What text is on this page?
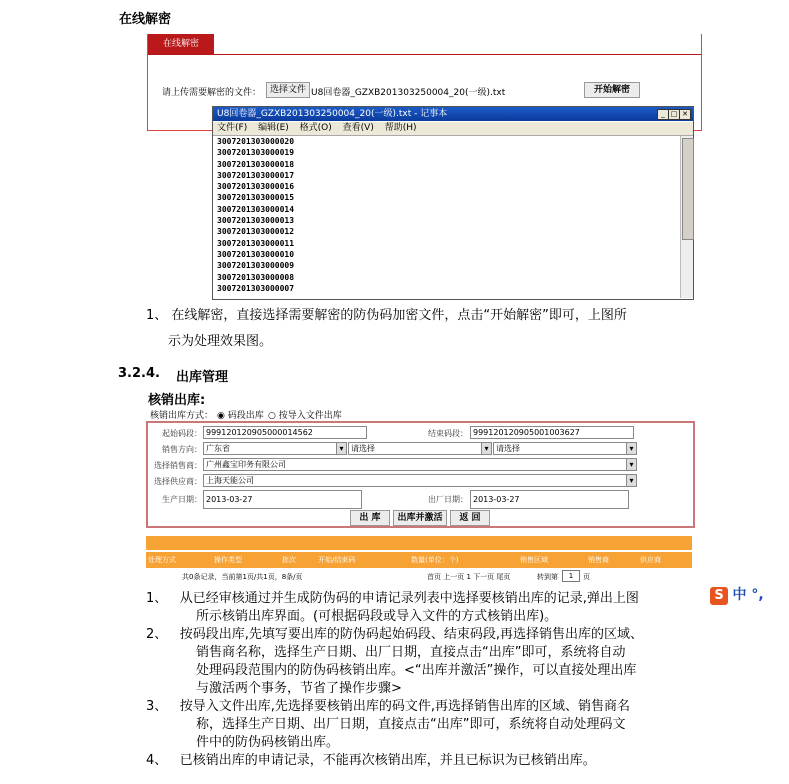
在线解密
在线解密
请上传需要解密的文件： 选择文件 U8回卷器_GZXB201303250004_20(一级).txt	开始解密
U8回卷器_GZXB201303250004_20(一级).txt - 记事本	_ □ ✕
文件(F) 编辑(E) 格式(O) 查看(V) 帮助(H)
3007201303000020
3007201303000019
3007201303000018
3007201303000017
3007201303000016
3007201303000015
3007201303000014
3007201303000013
3007201303000012
3007201303000011
3007201303000010
3007201303000009
3007201303000008
3007201303000007
1、 在线解密，直接选择需要解密的防伪码加密文件，点击“开始解密”即可，上图所
示为处理效果图。
3.2.4. 出库管理
核销出库:
核销出库方式： ◉ 码段出库 ○ 按导入文件出库
起始码段： 99912012090500001456​2	结束码段： 999120120905001003627
销售方向： 广东省 ▾	请选择 ▾	请选择 ▾
选择销售商： 广州鑫宝印务有限公司 ▾
选择供应商： 上海天能公司 ▾
生产日期： 2013-03-27	出厂日期： 2013-03-27
出 库	出库并激活	返 回
处理方式	操作类型	批次	开始/结束码	数量(单位：个)	销售区域	销售商	供应商
共0条记录，当前第1页/共1页，8条/页	首页 上一页 1 下一页 尾页	转到第	1	页
S 中 °,
1、 从已经审核通过并生成防伪码的申请记录列表中选择要核销出库的记录,弹出上图
所示核销出库界面。(可根据码段或导入文件的方式核销出库)。
2、 按码段出库,先填写要出库的防伪码起始码段、结束码段,再选择销售出库的区域、
销售商名称，选择生产日期、出厂日期，直接点击“出库”即可，系统将自动
处理码段范围内的防伪码核销出库。<“出库并激活”操作，可以直接处理出库
与激活两个事务，节省了操作步骤>
3、 按导入文件出库,先选择要核销出库的码文件,再选择销售出库的区域、销售商名
称，选择生产日期、出厂日期，直接点击“出库”即可，系统将自动处理码文
件中的防伪码核销出库。
4、 已核销出库的申请记录，不能再次核销出库，并且已标识为已核销出库。
